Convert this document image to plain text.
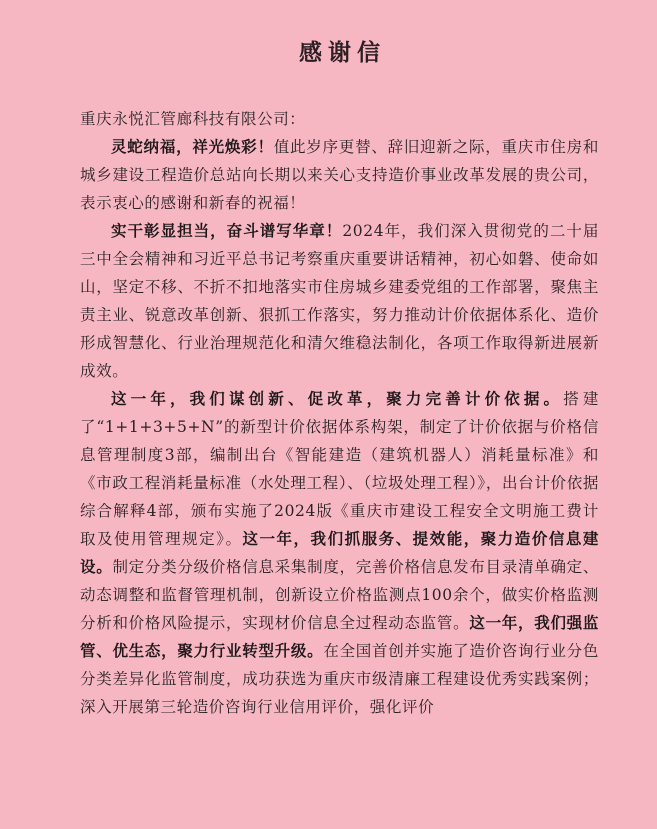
感谢信

重庆永悦汇管廊科技有限公司：

灵蛇纳福，祥光焕彩！值此岁序更替、辞旧迎新之际，重庆市住房和城乡建设工程造价总站向长期以来关心支持造价事业改革发展的贵公司，表示衷心的感谢和新春的祝福！

实干彰显担当，奋斗谱写华章！2024年，我们深入贯彻党的二十届三中全会精神和习近平总书记考察重庆重要讲话精神，初心如磐、使命如山，坚定不移、不折不扣地落实市住房城乡建委党组的工作部署，聚焦主责主业、锐意改革创新、狠抓工作落实，努力推动计价依据体系化、造价形成智慧化、行业治理规范化和清欠维稳法制化，各项工作取得新进展新成效。

这一年，我们谋创新、促改革，聚力完善计价依据。搭建了“1+1+3+5+N”的新型计价依据体系构架，制定了计价依据与价格信息管理制度3部，编制出台《智能建造（建筑机器人）消耗量标准》和《市政工程消耗量标准（水处理工程）、（垃圾处理工程）》，出台计价依据综合解释4部，颁布实施了2024版《重庆市建设工程安全文明施工费计取及使用管理规定》。这一年，我们抓服务、提效能，聚力造价信息建设。制定分类分级价格信息采集制度，完善价格信息发布目录清单确定、动态调整和监督管理机制，创新设立价格监测点100余个，做实价格监测分析和价格风险提示，实现材价信息全过程动态监管。这一年，我们强监管、优生态，聚力行业转型升级。在全国首创并实施了造价咨询行业分色分类差异化监管制度，成功获选为重庆市级清廉工程建设优秀实践案例；深入开展第三轮造价咨询行业信用评价，强化评价
